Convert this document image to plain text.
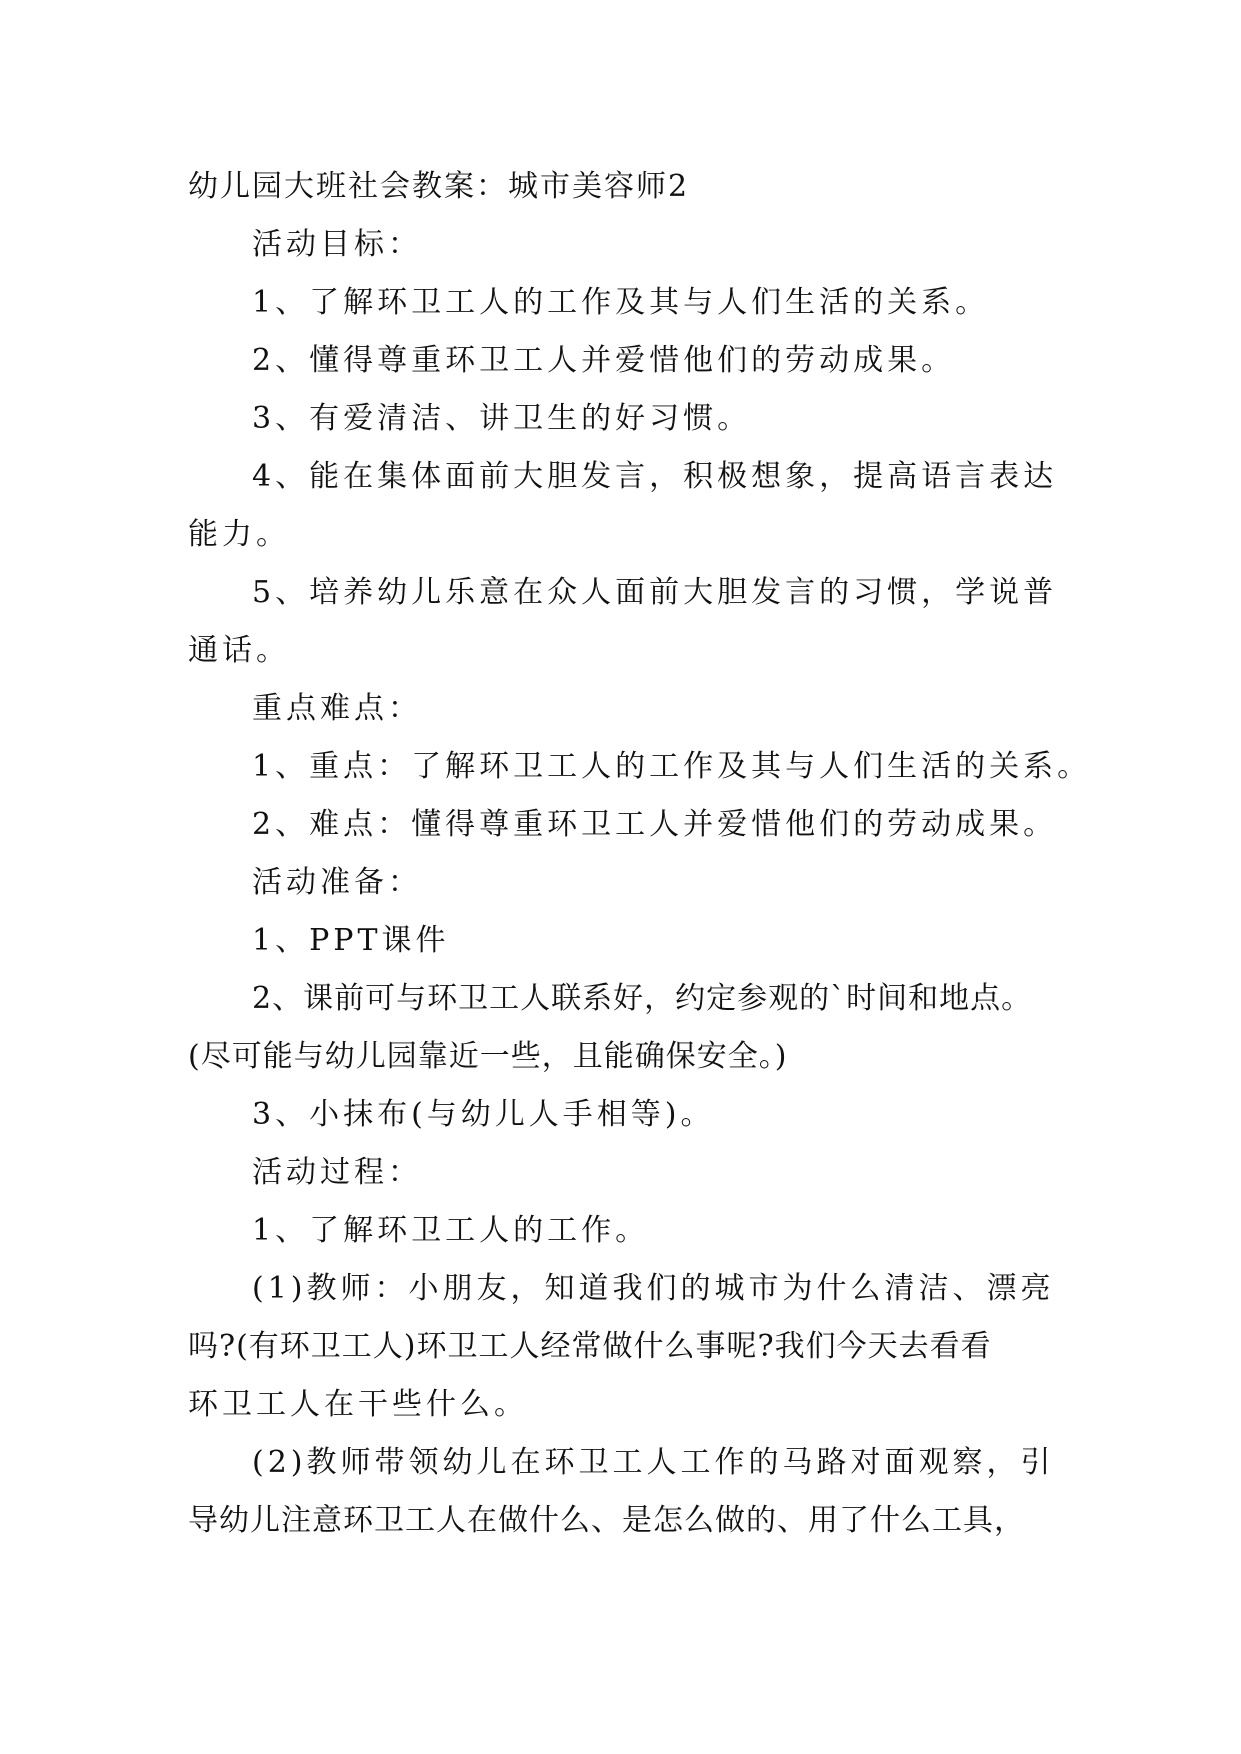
幼儿园大班社会教案：城市美容师2
活动目标：
1、了解环卫工人的工作及其与人们生活的关系。
2、懂得尊重环卫工人并爱惜他们的劳动成果。
3、有爱清洁、讲卫生的好习惯。
4、能在集体面前大胆发言，积极想象，提高语言表达
能力。
5、培养幼儿乐意在众人面前大胆发言的习惯，学说普
通话。
重点难点：
1、重点：了解环卫工人的工作及其与人们生活的关系。
2、难点：懂得尊重环卫工人并爱惜他们的劳动成果。
活动准备：
1、PPT课件
2、课前可与环卫工人联系好，约定参观的`时间和地点。
(尽可能与幼儿园靠近一些，且能确保安全。)
3、小抹布(与幼儿人手相等)。
活动过程：
1、了解环卫工人的工作。
(1)教师：小朋友，知道我们的城市为什么清洁、漂亮
吗?(有环卫工人)环卫工人经常做什么事呢?我们今天去看看
环卫工人在干些什么。
(2)教师带领幼儿在环卫工人工作的马路对面观察，引
导幼儿注意环卫工人在做什么、是怎么做的、用了什么工具，
